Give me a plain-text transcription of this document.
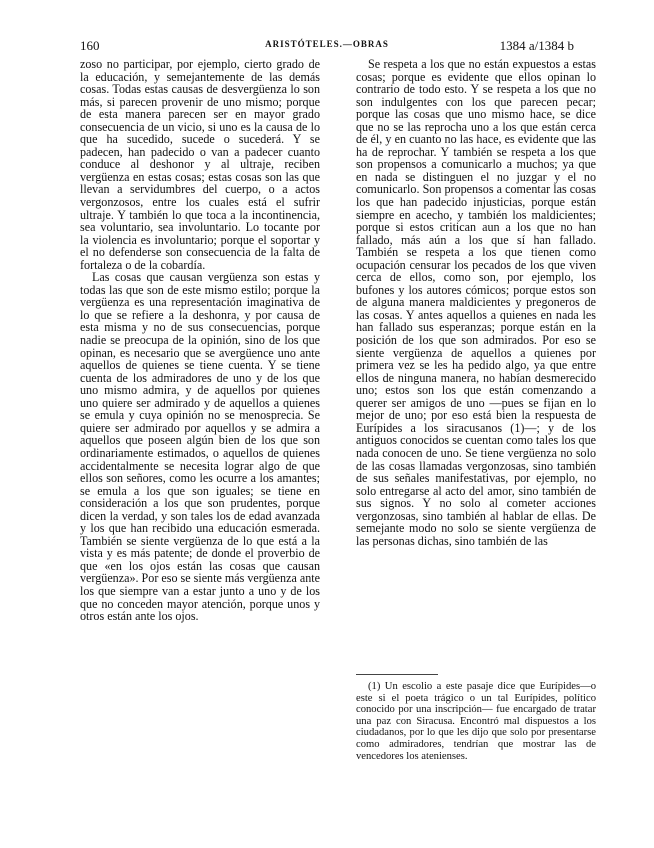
160	ARISTÓTELES.—OBRAS	1384 a/1384 b

zoso no participar, por ejemplo, cierto grado de la educación, y semejantemente de las demás cosas. Todas estas causas de desvergüenza lo son más, si parecen provenir de uno mismo; porque de esta manera parecen ser en mayor grado consecuencia de un vicio, si uno es la causa de lo que ha sucedido, sucede o sucederá. Y se padecen, han padecido o van a padecer cuanto conduce al deshonor y al ultraje, reciben vergüenza en estas cosas; estas cosas son las que llevan a servidumbres del cuerpo, o a actos vergonzosos, entre los cuales está el sufrir ultraje. Y también lo que toca a la incontinencia, sea voluntario, sea involuntario. Lo tocante por la violencia es involuntario; porque el soportar y el no defenderse son consecuencia de la falta de fortaleza o de la cobardía.

Las cosas que causan vergüenza son estas y todas las que son de este mismo estilo; porque la vergüenza es una representación imaginativa de lo que se refiere a la deshonra, y por causa de esta misma y no de sus consecuencias, porque nadie se preocupa de la opinión, sino de los que opinan, es necesario que se avergüence uno ante aquellos de quienes se tiene cuenta. Y se tiene cuenta de los admiradores de uno y de los que uno mismo admira, y de aquellos por quienes uno quiere ser admirado y de aquellos a quienes se emula y cuya opinión no se menosprecia. Se quiere ser admirado por aquellos y se admira a aquellos que poseen algún bien de los que son ordinariamente estimados, o aquellos de quienes accidentalmente se necesita lograr algo de que ellos son señores, como les ocurre a los amantes; se emula a los que son iguales; se tiene en consideración a los que son prudentes, porque dicen la verdad, y son tales los de edad avanzada y los que han recibido una educación esmerada. También se siente vergüenza de lo que está a la vista y es más patente; de donde el proverbio de que «en los ojos están las cosas que causan vergüenza». Por eso se siente más vergüenza ante los que siempre van a estar junto a uno y de los que no conceden mayor atención, porque unos y otros están ante los ojos.

Se respeta a los que no están expuestos a estas cosas; porque es evidente que ellos opinan lo contrario de todo esto. Y se respeta a los que no son indulgentes con los que parecen pecar; porque las cosas que uno mismo hace, se dice que no se las reprocha uno a los que están cerca de él, y en cuanto no las hace, es evidente que las ha de reprochar. Y también se respeta a los que son propensos a comunicarlo a muchos; ya que en nada se distinguen el no juzgar y el no comunicarlo. Son propensos a comentar las cosas los que han padecido injusticias, porque están siempre en acecho, y también los maldicientes; porque si estos critican aun a los que no han fallado, más aún a los que sí han fallado. También se respeta a los que tienen como ocupación censurar los pecados de los que viven cerca de ellos, como son, por ejemplo, los bufones y los autores cómicos; porque estos son de alguna manera maldicientes y pregoneros de las cosas. Y antes aquellos a quienes en nada les han fallado sus esperanzas; porque están en la posición de los que son admirados. Por eso se siente vergüenza de aquellos a quienes por primera vez se les ha pedido algo, ya que entre ellos de ninguna manera, no habían desmerecido uno; estos son los que están comenzando a querer ser amigos de uno —pues se fijan en lo mejor de uno; por eso está bien la respuesta de Eurípides a los siracusanos (1)—; y de los antiguos conocidos se cuentan como tales los que nada conocen de uno. Se tiene vergüenza no solo de las cosas llamadas vergonzosas, sino también de sus señales manifestativas, por ejemplo, no solo entregarse al acto del amor, sino también de sus signos. Y no solo al cometer acciones vergonzosas, sino también al hablar de ellas. De semejante modo no solo se siente vergüenza de las personas dichas, sino también de las

(1) Un escolio a este pasaje dice que Eurípides—o este si el poeta trágico o un tal Eurípides, político conocido por una inscripción— fue encargado de tratar una paz con Siracusa. Encontró mal dispuestos a los ciudadanos, por lo que les dijo que solo por presentarse como admiradores, tendrían que mostrar las de vencedores los atenienses.
